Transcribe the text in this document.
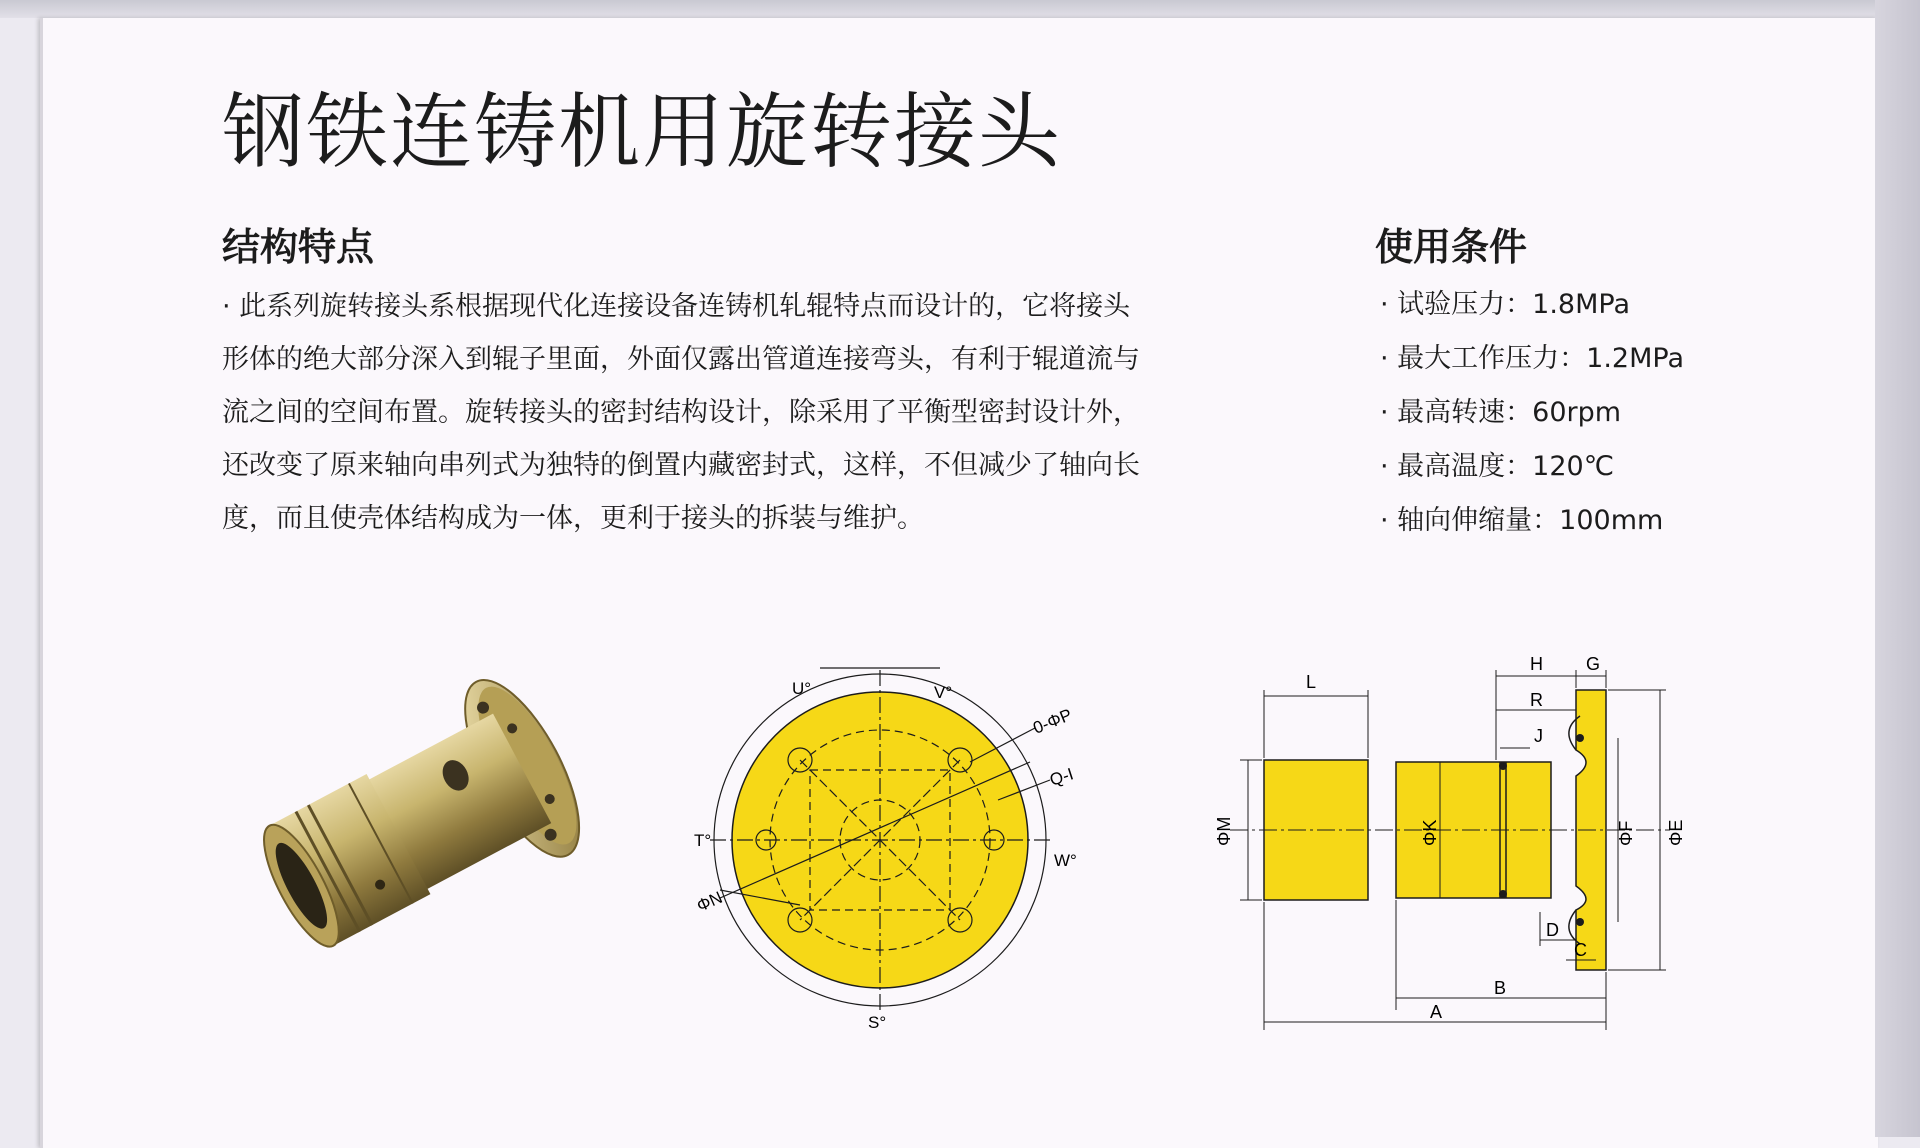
钢铁连铸机用旋转接头
结构特点

· 此系列旋转接头系根据现代化连接设备连铸机轧辊特点而设计的，它将接头

形体的绝大部分深入到辊子里面，外面仅露出管道连接弯头，有利于辊道流与

流之间的空间布置。旋转接头的密封结构设计，除采用了平衡型密封设计外，

还改变了原来轴向串列式为独特的倒置内藏密封式，这样，不但减少了轴向长

度，而且使壳体结构成为一体，更利于接头的拆装与维护。

使用条件
· 试验压力：1.8MPa
· 最大工作压力：1.2MPa
· 最高转速：60rpm
· 最高温度：120℃
· 轴向伸缩量：100mm
U°	V°
T°
W°
S°
0-ΦP
Q-I
ΦN
L
H G
R
J
ΦM	ΦK	ΦF ΦE
D
C
B
A
